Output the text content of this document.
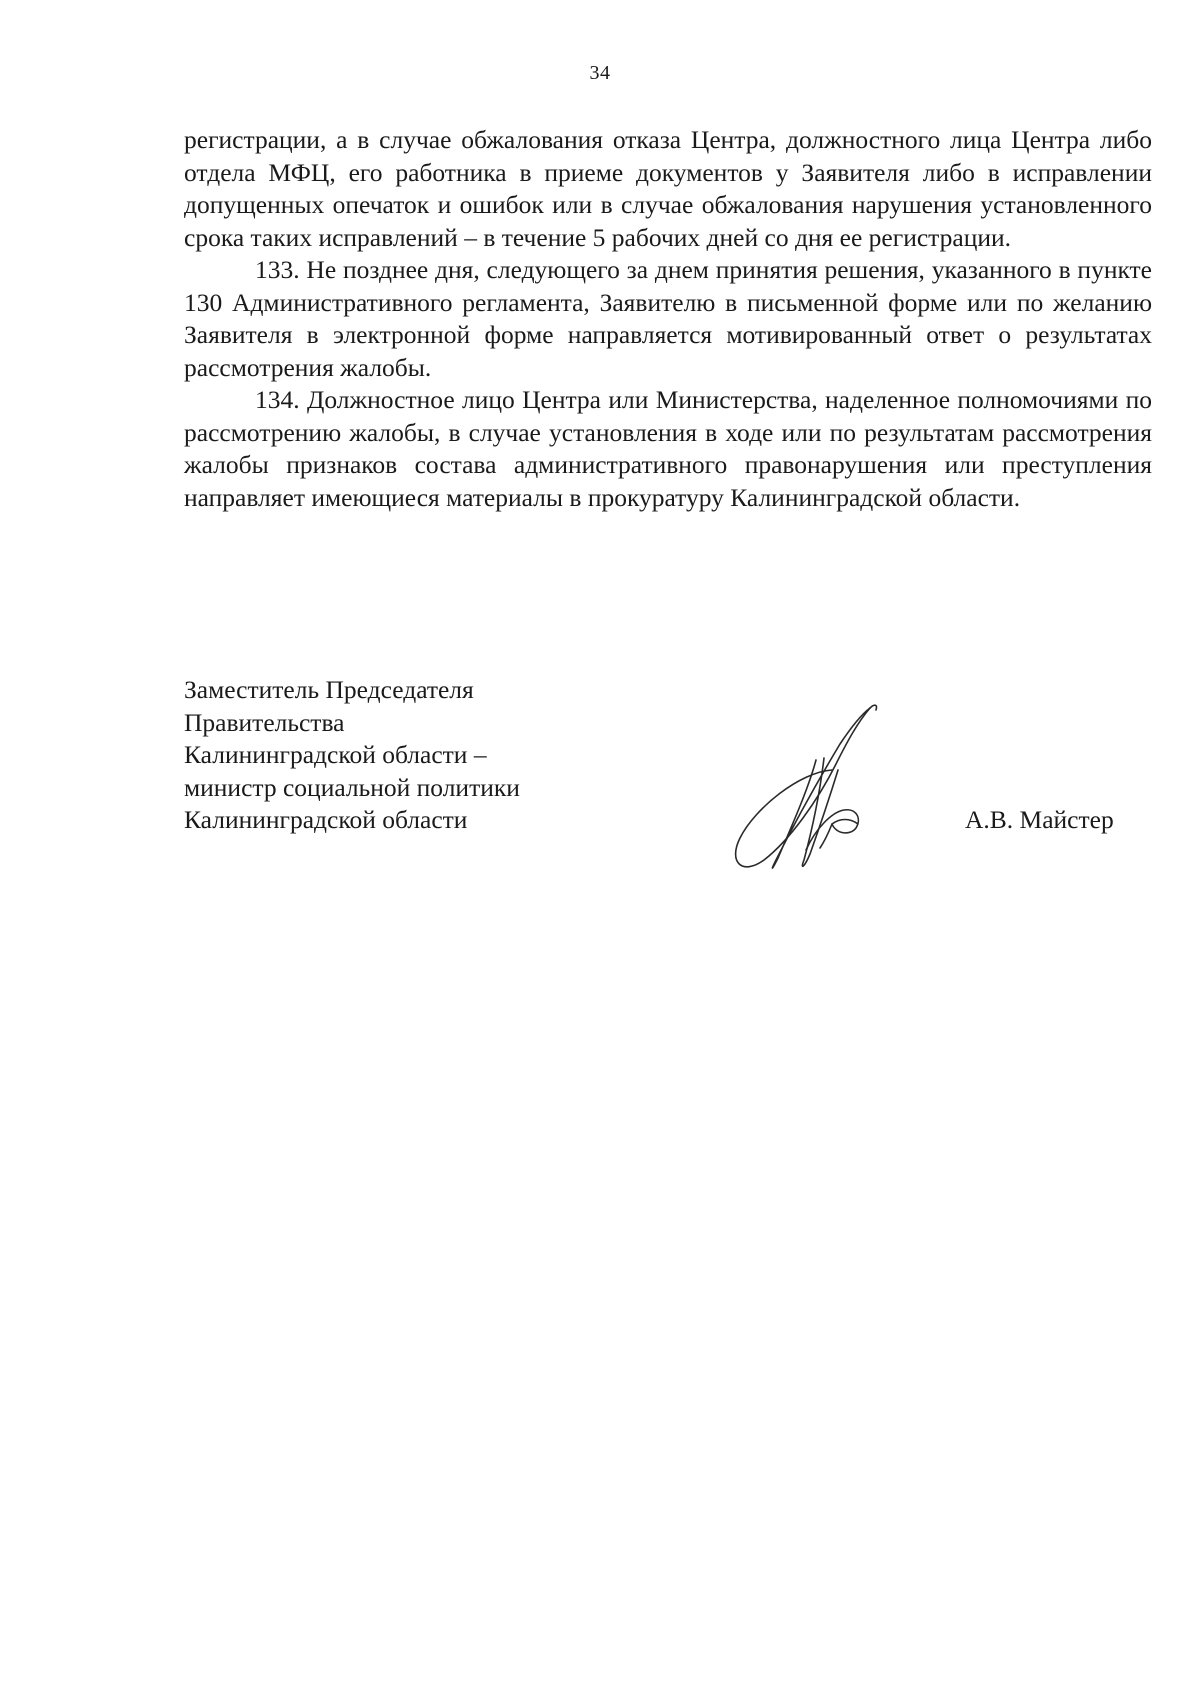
34

регистрации, а в случае обжалования отказа Центра, должностного лица Центра либо отдела МФЦ, его работника в приеме документов у Заявителя либо в исправлении допущенных опечаток и ошибок или в случае обжалования нарушения установленного срока таких исправлений – в течение 5 рабочих дней со дня ее регистрации.

133. Не позднее дня, следующего за днем принятия решения, указанного в пункте 130 Административного регламента, Заявителю в письменной форме или по желанию Заявителя в электронной форме направляется мотивированный ответ о результатах рассмотрения жалобы.

134. Должностное лицо Центра или Министерства, наделенное полномочиями по рассмотрению жалобы, в случае установления в ходе или по результатам рассмотрения жалобы признаков состава административного правонарушения или преступления направляет имеющиеся материалы в прокуратуру Калининградской области.

Заместитель Председателя
Правительства
Калининградской области –
министр социальной политики
Калининградской области	А.В. Майстер
